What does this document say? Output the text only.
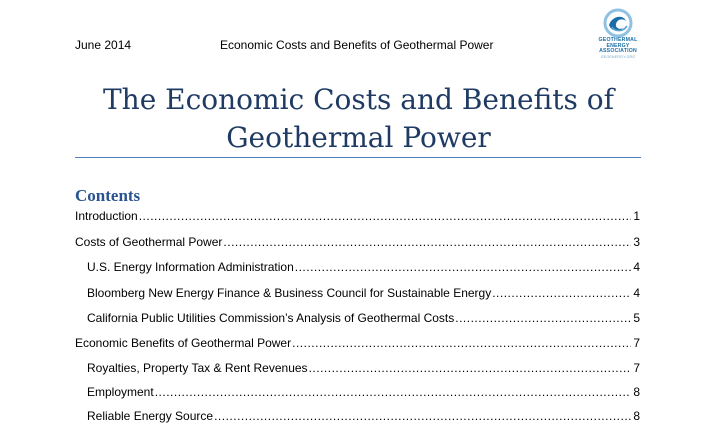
June 2014	Economic Costs and Benefits of Geothermal Power	GEOTHERMAL
ENERGY
ASSOCIATION
GEOENERGY.ORG
The Economic Costs and Benefits of
Geothermal Power
Contents
Introduction .....	1
Costs of Geothermal Power .....	3
U.S. Energy Information Administration .....	4
Bloomberg New Energy Finance & Business Council for Sustainable Energy .....	4
California Public Utilities Commission’s Analysis of Geothermal Costs .....	5
Economic Benefits of Geothermal Power .....	7
Royalties, Property Tax & Rent Revenues .....	7
Employment .....	8
Reliable Energy Source .....	8
